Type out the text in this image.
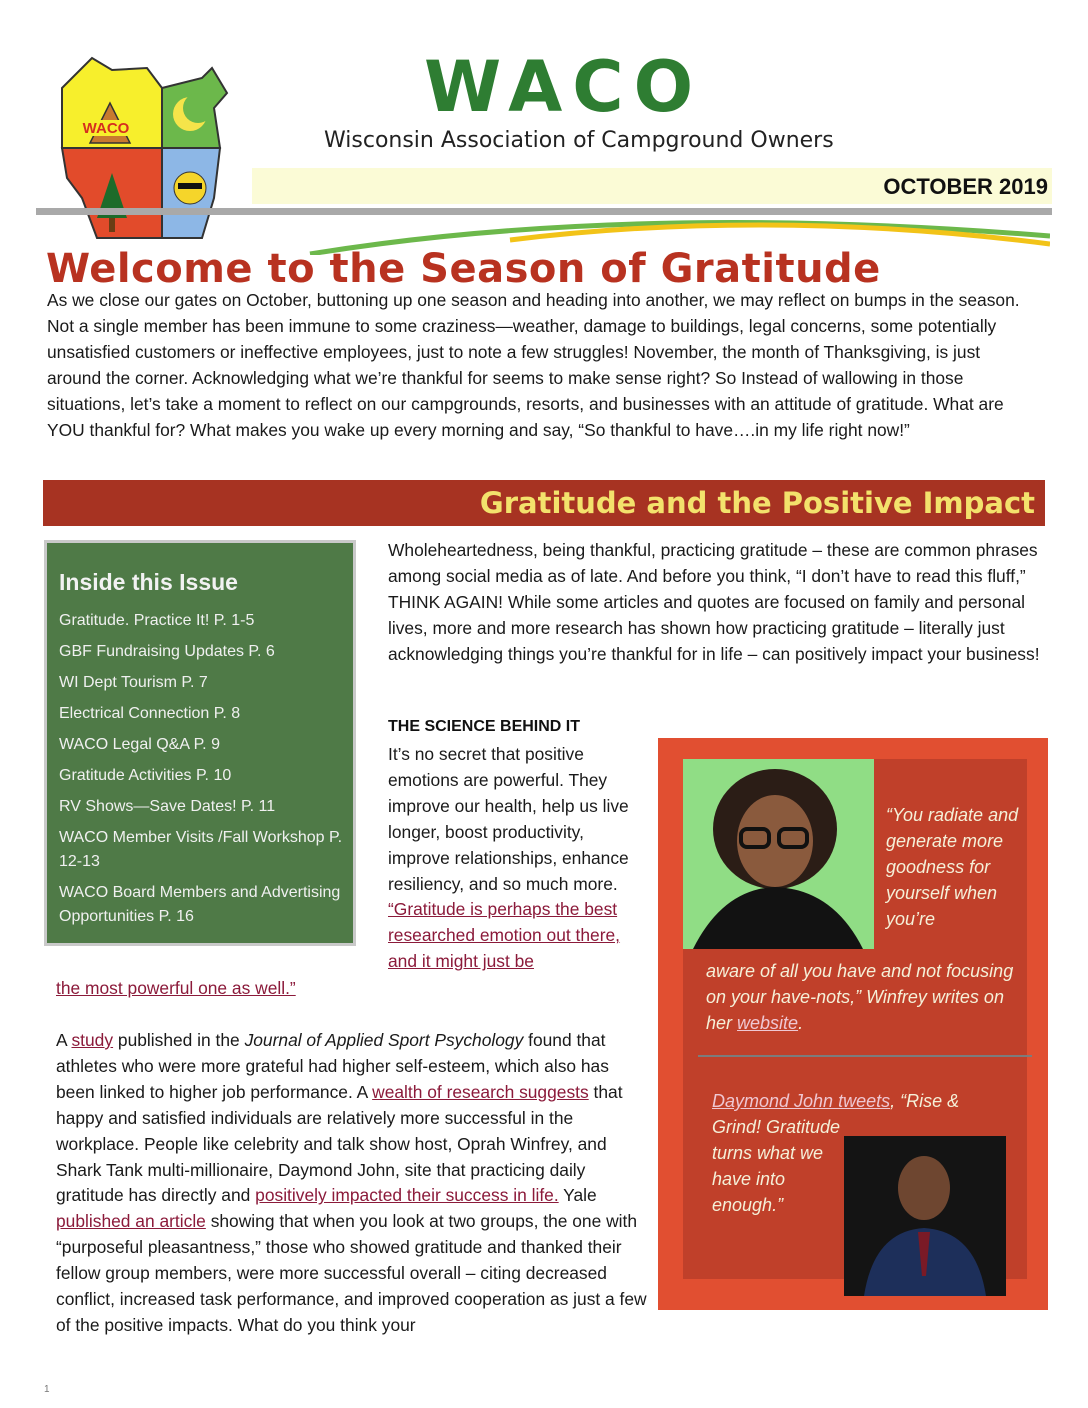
WACO
WACO
Wisconsin Association of Campground Owners
OCTOBER 2019
Welcome to the Season of Gratitude

As we close our gates on October, buttoning up one season and heading into another, we may reflect on bumps in the season. Not a single member has been immune to some craziness—weather, damage to buildings, legal concerns, some potentially unsatisfied customers or ineffective employees, just to note a few struggles! November, the month of Thanksgiving, is just around the corner. Acknowledging what we’re thankful for seems to make sense right? So Instead of wallowing in those situations, let’s take a moment to reflect on our campgrounds, resorts, and businesses with an attitude of gratitude. What are YOU thankful for? What makes you wake up every morning and say, “So thankful to have….in my life right now!”

Gratitude and the Positive Impact
Inside this Issue
Gratitude. Practice It! P. 1-5
GBF Fundraising Updates P. 6
WI Dept Tourism P. 7
Electrical Connection P. 8
WACO Legal Q&A P. 9
Gratitude Activities P. 10
RV Shows—Save Dates! P. 11
WACO Member Visits /Fall Workshop P. 12-13
WACO Board Members and Advertising Opportunities P. 16

Wholeheartedness, being thankful, practicing gratitude – these are common phrases among social media as of late. And before you think, “I don’t have to read this fluff,” THINK AGAIN! While some articles and quotes are focused on family and personal lives, more and more research has shown how practicing gratitude – literally just acknowledging things you’re thankful for in life – can positively impact your business!

THE SCIENCE BEHIND IT

It’s no secret that positive emotions are powerful. They improve our health, help us live longer, boost productivity, improve relationships, enhance resiliency, and so much more. “Gratitude is perhaps the best researched emotion out there, and it might just be

the most powerful one as well.”

A study published in the Journal of Applied Sport Psychology found that athletes who were more grateful had higher self-esteem, which also has been linked to higher job performance. A wealth of research suggests that happy and satisfied individuals are relatively more successful in the workplace. People like celebrity and talk show host, Oprah Winfrey, and Shark Tank multi-millionaire, Daymond John, site that practicing daily gratitude has directly and positively impacted their success in life. Yale published an article showing that when you look at two groups, the one with “purposeful pleasantness,” those who showed gratitude and thanked their fellow group members, were more successful overall – citing decreased conflict, increased task performance, and improved cooperation as just a few of the positive impacts. What do you think your

“You radiate and generate more goodness for yourself when you’re

aware of all you have and not focusing on your have-nots,” Winfrey writes on her website.

Daymond John tweets, “Rise &

Grind! Gratitude turns what we have into enough.”

1
